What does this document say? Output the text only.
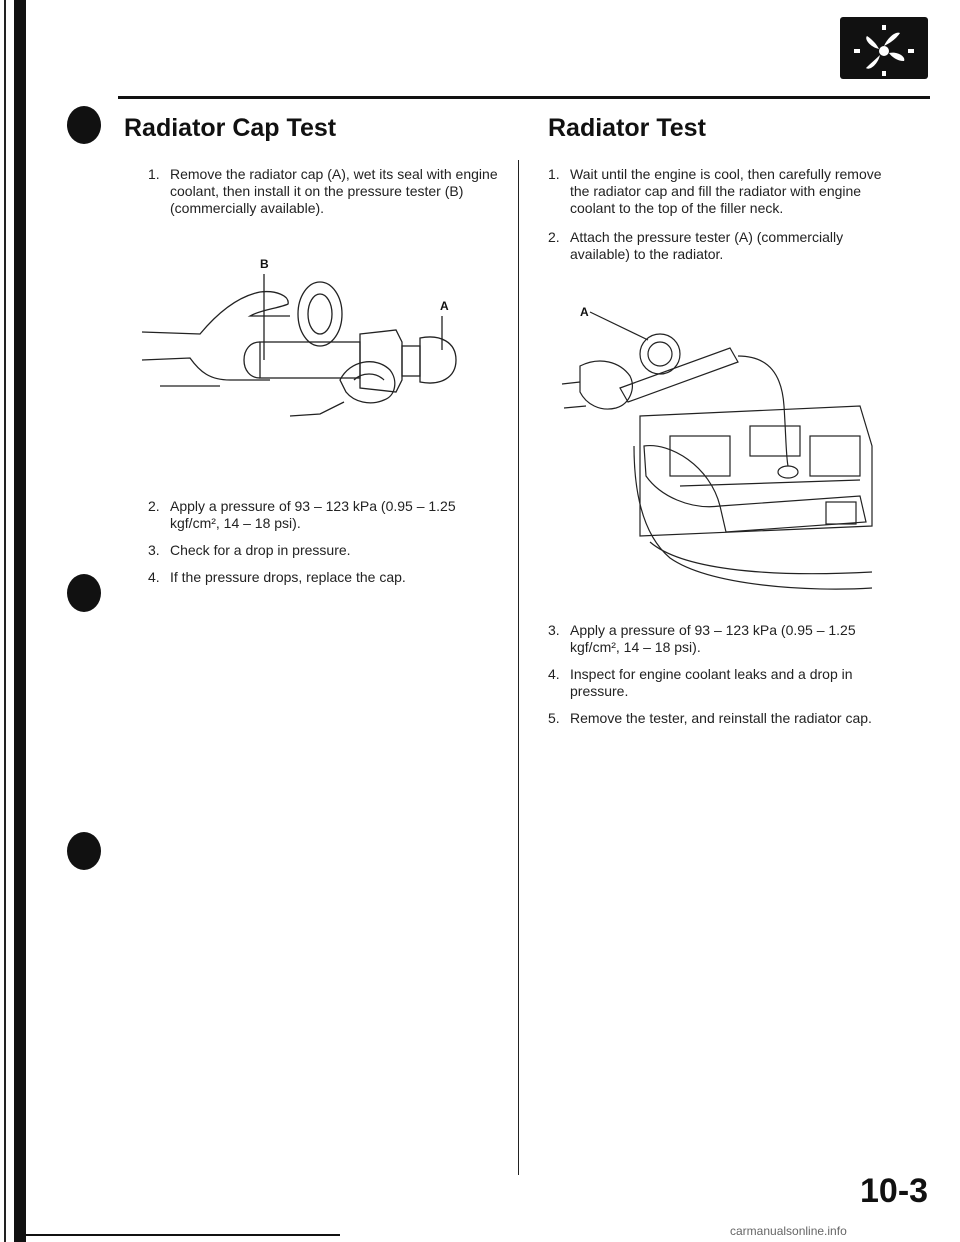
Radiator Cap Test
1. Remove the radiator cap (A), wet its seal with engine coolant, then install it on the pressure tester (B) (commercially available).
B
A
2. Apply a pressure of 93 – 123 kPa (0.95 – 1.25 kgf/cm², 14 – 18 psi).
3. Check for a drop in pressure.
4. If the pressure drops, replace the cap.
Radiator Test
1. Wait until the engine is cool, then carefully remove the radiator cap and fill the radiator with engine coolant to the top of the filler neck.
2. Attach the pressure tester (A) (commercially available) to the radiator.
A
3. Apply a pressure of 93 – 123 kPa (0.95 – 1.25 kgf/cm², 14 – 18 psi).
4. Inspect for engine coolant leaks and a drop in pressure.
5. Remove the tester, and reinstall the radiator cap.
10-3
carmanualsonline.info
